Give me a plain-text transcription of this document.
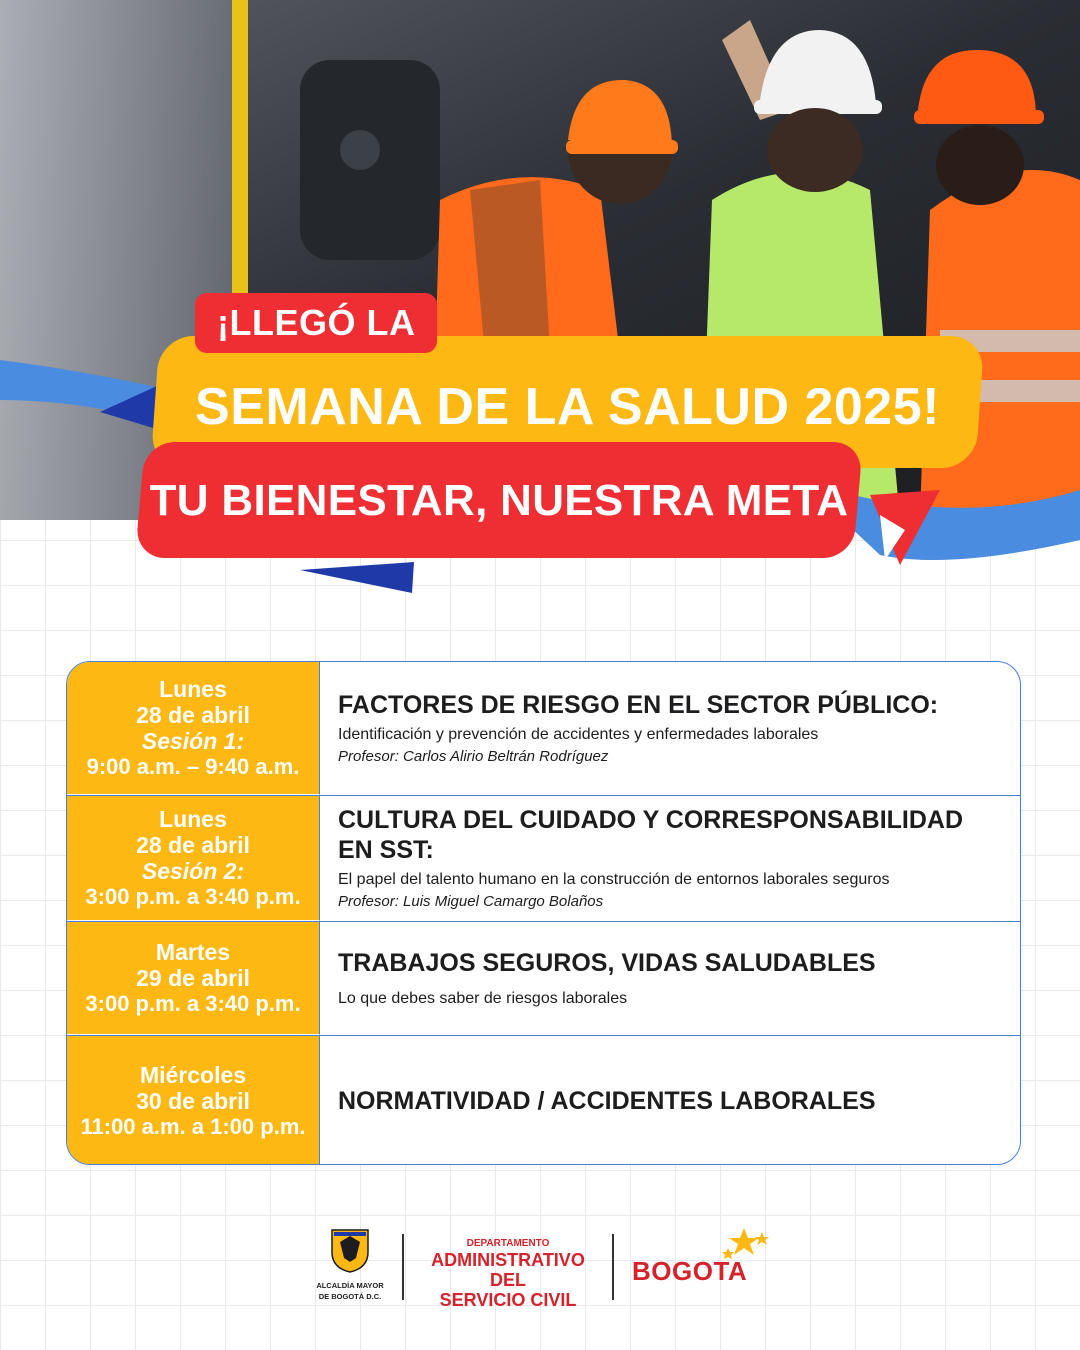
¡LLEGÓ LA
SEMANA DE LA SALUD 2025!
TU BIENESTAR, NUESTRA META
Lunes
28 de abril
Sesión 1:
9:00 a.m. – 9:40 a.m.
FACTORES DE RIESGO EN EL SECTOR PÚBLICO:
Identificación y prevención de accidentes y enfermedades laborales
Profesor: Carlos Alirio Beltrán Rodríguez
Lunes
28 de abril
Sesión 2:
3:00 p.m. a 3:40 p.m.
CULTURA DEL CUIDADO Y CORRESPONSABILIDAD EN SST:
El papel del talento humano en la construcción de entornos laborales seguros
Profesor: Luis Miguel Camargo Bolaños
Martes
29 de abril
3:00 p.m. a 3:40 p.m.
TRABAJOS SEGUROS, VIDAS SALUDABLES
Lo que debes saber de riesgos laborales
Miércoles
30 de abril
11:00 a.m. a 1:00 p.m.
NORMATIVIDAD / ACCIDENTES LABORALES
ALCALDÍA MAYOR
DE BOGOTÁ D.C.
DEPARTAMENTO
ADMINISTRATIVO DEL
SERVICIO CIVIL
BOGOTA
